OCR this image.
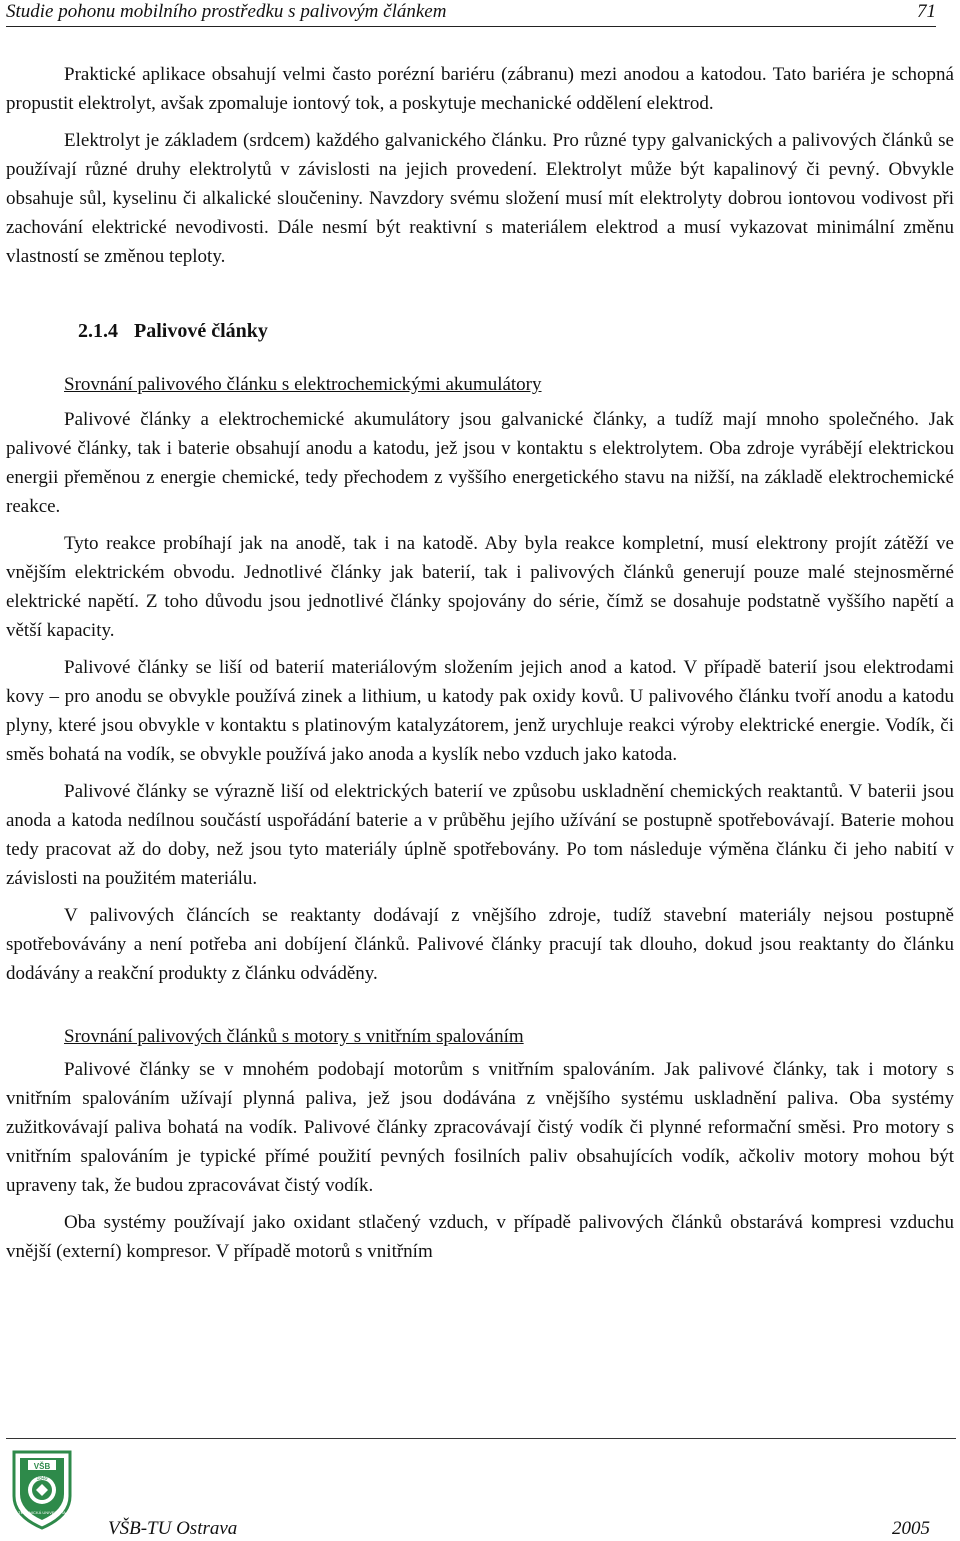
Studie pohonu mobilního prostředku s palivovým článkem	71

Praktické aplikace obsahují velmi často porézní bariéru (zábranu) mezi anodou a katodou. Tato bariéra je schopná propustit elektrolyt, avšak zpomaluje iontový tok, a poskytuje mechanické oddělení elektrod.

Elektrolyt je základem (srdcem) každého galvanického článku. Pro různé typy galvanických a palivových článků se používají různé druhy elektrolytů v závislosti na jejich provedení. Elektrolyt může být kapalinový či pevný. Obvykle obsahuje sůl, kyselinu či alkalické sloučeniny. Navzdory svému složení musí mít elektrolyty dobrou iontovou vodivost při zachování elektrické nevodivosti. Dále nesmí být reaktivní s materiálem elektrod a musí vykazovat minimální změnu vlastností se změnou teploty.

2.1.4 Palivové články
Srovnání palivového článku s elektrochemickými akumulátory

Palivové články a elektrochemické akumulátory jsou galvanické články, a tudíž mají mnoho společného. Jak palivové články, tak i baterie obsahují anodu a katodu, jež jsou v kontaktu s elektrolytem. Oba zdroje vyrábějí elektrickou energii přeměnou z energie chemické, tedy přechodem z vyššího energetického stavu na nižší, na základě elektrochemické reakce.

Tyto reakce probíhají jak na anodě, tak i na katodě. Aby byla reakce kompletní, musí elektrony projít zátěží ve vnějším elektrickém obvodu. Jednotlivé články jak baterií, tak i palivových článků generují pouze malé stejnosměrné elektrické napětí. Z toho důvodu jsou jednotlivé články spojovány do série, čímž se dosahuje podstatně vyššího napětí a větší kapacity.

Palivové články se liší od baterií materiálovým složením jejich anod a katod. V případě baterií jsou elektrodami kovy – pro anodu se obvykle používá zinek a lithium, u katody pak oxidy kovů. U palivového článku tvoří anodu a katodu plyny, které jsou obvykle v kontaktu s platinovým katalyzátorem, jenž urychluje reakci výroby elektrické energie. Vodík, či směs bohatá na vodík, se obvykle používá jako anoda a kyslík nebo vzduch jako katoda.

Palivové články se výrazně liší od elektrických baterií ve způsobu uskladnění chemických reaktantů. V baterii jsou anoda a katoda nedílnou součástí uspořádání baterie a v průběhu jejího užívání se postupně spotřebovávají. Baterie mohou tedy pracovat až do doby, než jsou tyto materiály úplně spotřebovány. Po tom následuje výměna článku či jeho nabití v závislosti na použitém materiálu.

V palivových článcích se reaktanty dodávají z vnějšího zdroje, tudíž stavební materiály nejsou postupně spotřebovávány a není potřeba ani dobíjení článků. Palivové články pracují tak dlouho, dokud jsou reaktanty do článku dodávány a reakční produkty z článku odváděny.

Srovnání palivových článků s motory s vnitřním spalováním

Palivové články se v mnohém podobají motorům s vnitřním spalováním. Jak palivové články, tak i motory s vnitřním spalováním užívají plynná paliva, jež jsou dodávána z vnějšího systému uskladnění paliva. Oba systémy zužitkovávají paliva bohatá na vodík. Palivové články zpracovávají čistý vodík či plynné reformační směsi. Pro motory s vnitřním spalováním je typické přímé použití pevných fosilních paliv obsahujících vodík, ačkoliv motory mohou být upraveny tak, že budou zpracovávat čistý vodík.

Oba systémy používají jako oxidant stlačený vzduch, v případě palivových článků obstarává kompresi vzduchu vnější (externí) kompresor. V případě motorů s vnitřním

VŠB
1849
TECHNICKÁ UNIVERZITA
VŠB-TU Ostrava	2005
